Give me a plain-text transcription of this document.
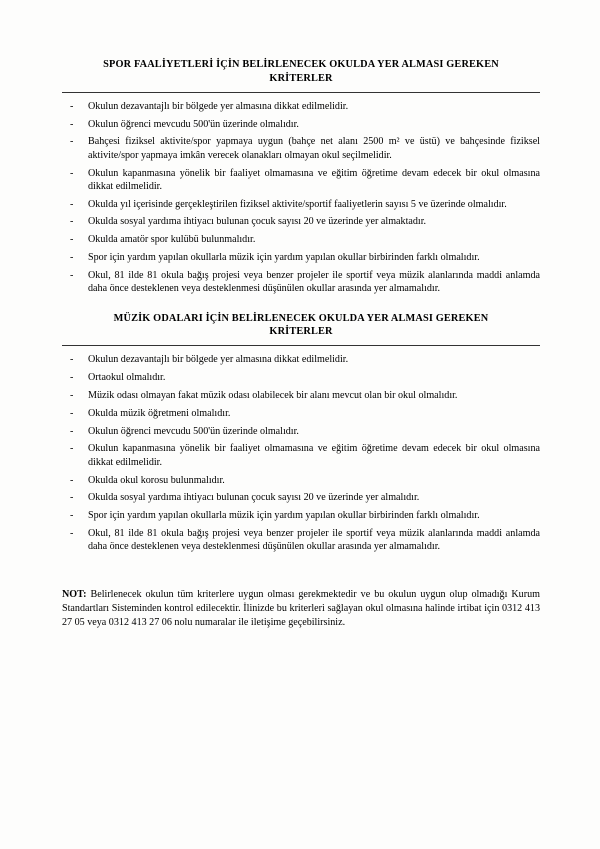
SPOR FAALİYETLERİ İÇİN BELİRLENECEK OKULDA YER ALMASI GEREKEN
KRİTERLER
- Okulun dezavantajlı bir bölgede yer almasına dikkat edilmelidir.
- Okulun öğrenci mevcudu 500'ün üzerinde olmalıdır.
- Bahçesi fiziksel aktivite/spor yapmaya uygun (bahçe net alanı 2500 m² ve üstü) ve bahçesinde fiziksel aktivite/spor yapmaya imkân verecek olanakları olmayan okul seçilmelidir.
- Okulun kapanmasına yönelik bir faaliyet olmamasına ve eğitim öğretime devam edecek bir okul olmasına dikkat edilmelidir.
- Okulda yıl içerisinde gerçekleştirilen fiziksel aktivite/sportif faaliyetlerin sayısı 5 ve üzerinde olmalıdır.
- Okulda sosyal yardıma ihtiyacı bulunan çocuk sayısı 20 ve üzerinde yer almaktadır.
- Okulda amatör spor kulübü bulunmalıdır.
- Spor için yardım yapılan okullarla müzik için yardım yapılan okullar birbirinden farklı olmalıdır.
- Okul, 81 ilde 81 okula bağış projesi veya benzer projeler ile sportif veya müzik alanlarında maddi anlamda daha önce desteklenen veya desteklenmesi düşünülen okullar arasında yer almamalıdır.
MÜZİK ODALARI İÇİN BELİRLENECEK OKULDA YER ALMASI GEREKEN
KRİTERLER
- Okulun dezavantajlı bir bölgede yer almasına dikkat edilmelidir.
- Ortaokul olmalıdır.
- Müzik odası olmayan fakat müzik odası olabilecek bir alanı mevcut olan bir okul olmalıdır.
- Okulda müzik öğretmeni olmalıdır.
- Okulun öğrenci mevcudu 500'ün üzerinde olmalıdır.
- Okulun kapanmasına yönelik bir faaliyet olmamasına ve eğitim öğretime devam edecek bir okul olmasına dikkat edilmelidir.
- Okulda okul korosu bulunmalıdır.
- Okulda sosyal yardıma ihtiyacı bulunan çocuk sayısı 20 ve üzerinde yer almalıdır.
- Spor için yardım yapılan okullarla müzik için yardım yapılan okullar birbirinden farklı olmalıdır.
- Okul, 81 ilde 81 okula bağış projesi veya benzer projeler ile sportif veya müzik alanlarında maddi anlamda daha önce desteklenen veya desteklenmesi düşünülen okullar arasında yer almamalıdır.
NOT: Belirlenecek okulun tüm kriterlere uygun olması gerekmektedir ve bu okulun uygun olup olmadığı Kurum Standartları Sisteminden kontrol edilecektir. İlinizde bu kriterleri sağlayan okul olmasına halinde irtibat için 0312 413 27 05 veya 0312 413 27 06 nolu numaralar ile iletişime geçebilirsiniz.
